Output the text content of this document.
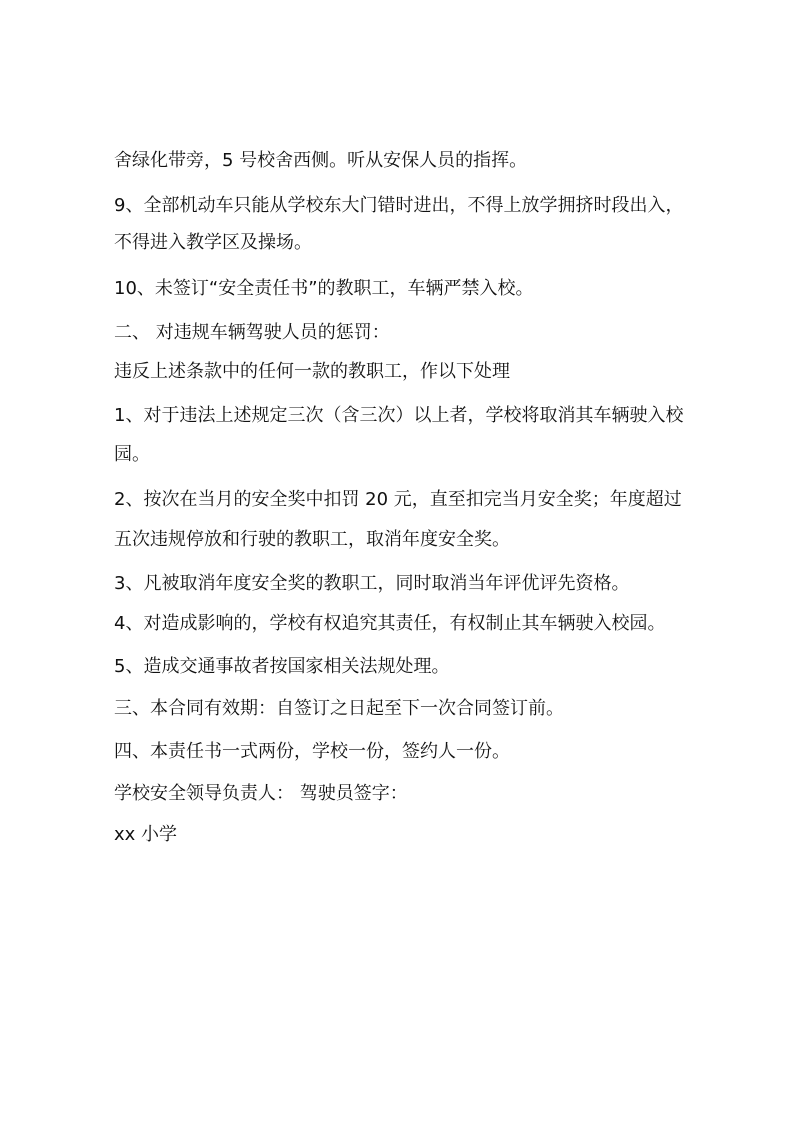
舍绿化带旁，5 号校舍西侧。听从安保人员的指挥。
9、全部机动车只能从学校东大门错时进出，不得上放学拥挤时段出入，
不得进入教学区及操场。
10、未签订“安全责任书”的教职工，车辆严禁入校。
二、 对违规车辆驾驶人员的惩罚：
违反上述条款中的任何一款的教职工，作以下处理
1、对于违法上述规定三次（含三次）以上者，学校将取消其车辆驶入校
园。
2、按次在当月的安全奖中扣罚 20 元，直至扣完当月安全奖；年度超过
五次违规停放和行驶的教职工，取消年度安全奖。
3、凡被取消年度安全奖的教职工，同时取消当年评优评先资格。
4、对造成影响的，学校有权追究其责任，有权制止其车辆驶入校园。
5、造成交通事故者按国家相关法规处理。
三、本合同有效期：自签订之日起至下一次合同签订前。
四、本责任书一式两份，学校一份，签约人一份。
学校安全领导负责人： 驾驶员签字：
xx 小学
